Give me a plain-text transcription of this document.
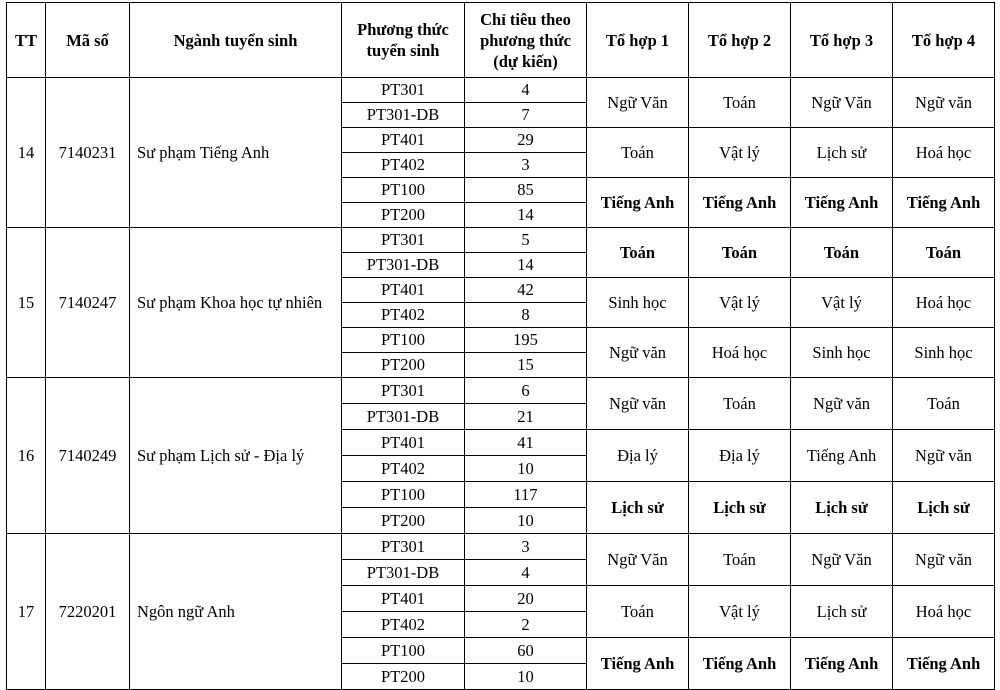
TT	Mã số	Ngành tuyển sinh	Phương thức tuyển sinh	Chỉ tiêu theo phương thức (dự kiến)	Tổ hợp 1	Tổ hợp 2	Tổ hợp 3	Tổ hợp 4
14	7140231	Sư phạm Tiếng Anh	PT301	4	Ngữ Văn	Toán	Ngữ Văn	Ngữ văn
			PT301-DB	7				
			PT401	29	Toán	Vật lý	Lịch sử	Hoá học
			PT402	3				
			PT100	85	Tiếng Anh	Tiếng Anh	Tiếng Anh	Tiếng Anh
			PT200	14				
15	7140247	Sư phạm Khoa học tự nhiên	PT301	5	Toán	Toán	Toán	Toán
			PT301-DB	14				
			PT401	42	Sinh học	Vật lý	Vật lý	Hoá học
			PT402	8				
			PT100	195	Ngữ văn	Hoá học	Sinh học	Sinh học
			PT200	15				
16	7140249	Sư phạm Lịch sử - Địa lý	PT301	6	Ngữ văn	Toán	Ngữ văn	Toán
			PT301-DB	21				
			PT401	41	Địa lý	Địa lý	Tiếng Anh	Ngữ văn
			PT402	10				
			PT100	117	Lịch sử	Lịch sử	Lịch sử	Lịch sử
			PT200	10				
17	7220201	Ngôn ngữ Anh	PT301	3	Ngữ Văn	Toán	Ngữ Văn	Ngữ văn
			PT301-DB	4				
			PT401	20	Toán	Vật lý	Lịch sử	Hoá học
			PT402	2				
			PT100	60	Tiếng Anh	Tiếng Anh	Tiếng Anh	Tiếng Anh
			PT200	10				
